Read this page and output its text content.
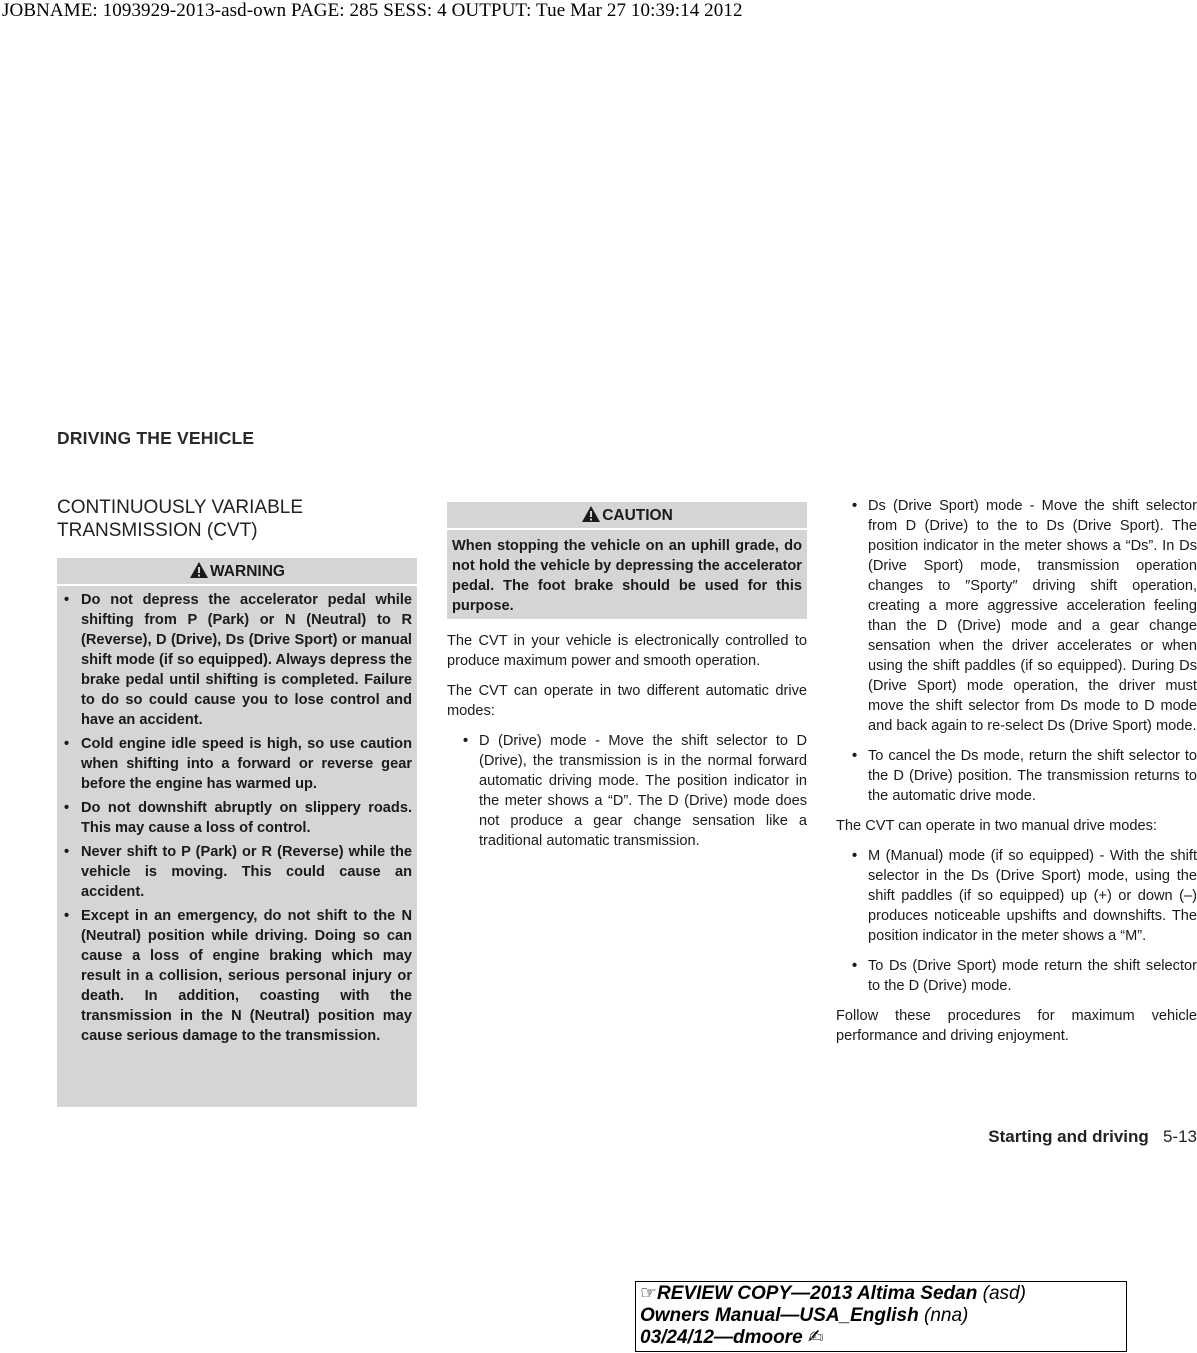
JOBNAME: 1093929-2013-asd-own PAGE: 285 SESS: 4 OUTPUT: Tue Mar 27 10:39:14 2012
DRIVING THE VEHICLE
CONTINUOUSLY VARIABLE
TRANSMISSION (CVT)
WARNING
• Do not depress the accelerator pedal while shifting from P (Park) or N (Neutral) to R (Reverse), D (Drive), Ds (Drive Sport) or manual shift mode (if so equipped). Always depress the brake pedal until shifting is completed. Failure to do so could cause you to lose control and have an accident.
• Cold engine idle speed is high, so use caution when shifting into a forward or reverse gear before the engine has warmed up.
• Do not downshift abruptly on slippery roads. This may cause a loss of control.
• Never shift to P (Park) or R (Reverse) while the vehicle is moving. This could cause an accident.
• Except in an emergency, do not shift to the N (Neutral) position while driving. Doing so can cause a loss of engine braking which may result in a collision, serious personal injury or death. In addition, coasting with the transmission in the N (Neutral) position may cause serious damage to the transmission.
CAUTION
When stopping the vehicle on an uphill grade, do not hold the vehicle by depressing the accelerator pedal. The foot brake should be used for this purpose.

The CVT in your vehicle is electronically controlled to produce maximum power and smooth operation.

The CVT can operate in two different automatic drive modes:

• D (Drive) mode - Move the shift selector to D (Drive), the transmission is in the normal forward automatic driving mode. The position indicator in the meter shows a “D”. The D (Drive) mode does not produce a gear change sensation like a traditional automatic transmission.
• Ds (Drive Sport) mode - Move the shift selector from D (Drive) to the to Ds (Drive Sport). The position indicator in the meter shows a “Ds”. In Ds (Drive Sport) mode, transmission operation changes to ″Sporty″ driving shift operation, creating a more aggressive acceleration feeling than the D (Drive) mode and a gear change sensation when the driver accelerates or when using the shift paddles (if so equipped). During Ds (Drive Sport) mode operation, the driver must move the shift selector from Ds mode to D mode and back again to re-select Ds (Drive Sport) mode.
• To cancel the Ds mode, return the shift selector to the D (Drive) position. The transmission returns to the automatic drive mode.

The CVT can operate in two manual drive modes:

• M (Manual) mode (if so equipped) - With the shift selector in the Ds (Drive Sport) mode, using the shift paddles (if so equipped) up (+) or down (–) produces noticeable upshifts and downshifts. The position indicator in the meter shows a “M”.
• To Ds (Drive Sport) mode return the shift selector to the D (Drive) mode.

Follow these procedures for maximum vehicle performance and driving enjoyment.

Starting and driving 5-13
☞REVIEW COPY—2013 Altima Sedan (asd)
Owners Manual—USA_English (nna)
03/24/12—dmoore ✍
